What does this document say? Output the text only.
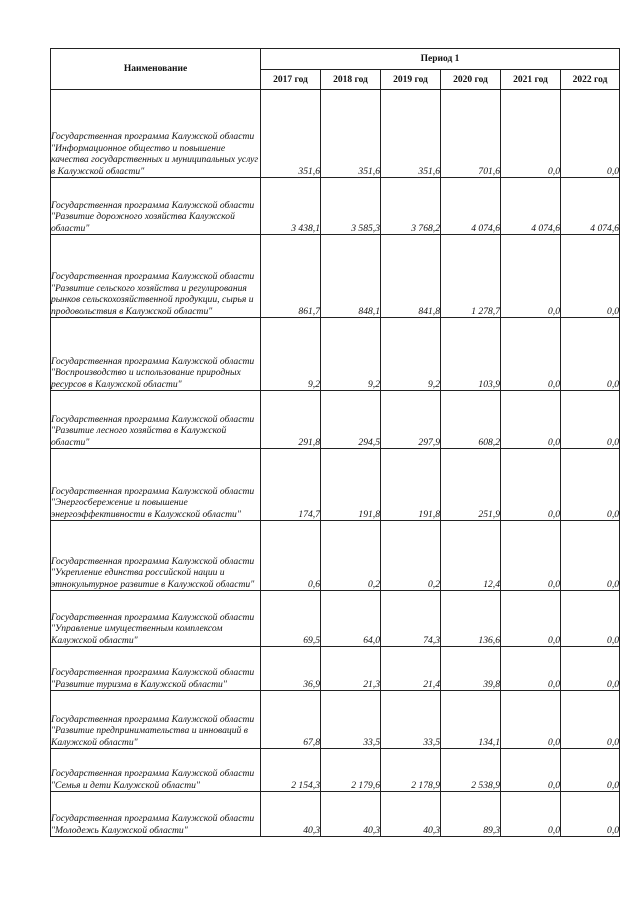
Наименование	Период 1					
	2017 год	2018 год	2019 год	2020 год	2021 год	2022 год
Государственная программа Калужской области "Информационное общество и повышение качества государственных и муниципальных услуг в Калужской области"	351,6	351,6	351,6	701,6	0,0	0,0
Государственная программа Калужской области "Развитие дорожного хозяйства Калужской области"	3 438,1	3 585,3	3 768,2	4 074,6	4 074,6	4 074,6
Государственная программа Калужской области "Развитие сельского хозяйства и регулирования рынков сельскохозяйственной продукции, сырья и продовольствия в Калужской области"	861,7	848,1	841,8	1 278,7	0,0	0,0
Государственная программа Калужской области "Воспроизводство и использование природных ресурсов в Калужской области"	9,2	9,2	9,2	103,9	0,0	0,0
Государственная программа Калужской области "Развитие лесного хозяйства в Калужской области"	291,8	294,5	297,9	608,2	0,0	0,0
Государственная программа Калужской области "Энергосбережение и повышение энергоэффективности в Калужской области"	174,7	191,8	191,8	251,9	0,0	0,0
Государственная программа Калужской области "Укрепление единства российской нации и этнокультурное развитие в Калужской области"	0,6	0,2	0,2	12,4	0,0	0,0
Государственная программа Калужской области "Управление имущественным комплексом Калужской области"	69,5	64,0	74,3	136,6	0,0	0,0
Государственная программа Калужской области "Развитие туризма в Калужской области"	36,9	21,3	21,4	39,8	0,0	0,0
Государственная программа Калужской области "Развитие предпринимательства и инноваций в Калужской области"	67,8	33,5	33,5	134,1	0,0	0,0
Государственная программа Калужской области "Семья и дети Калужской области"	2 154,3	2 179,6	2 178,9	2 538,9	0,0	0,0
Государственная программа Калужской области "Молодежь Калужской области"	40,3	40,3	40,3	89,3	0,0	0,0
